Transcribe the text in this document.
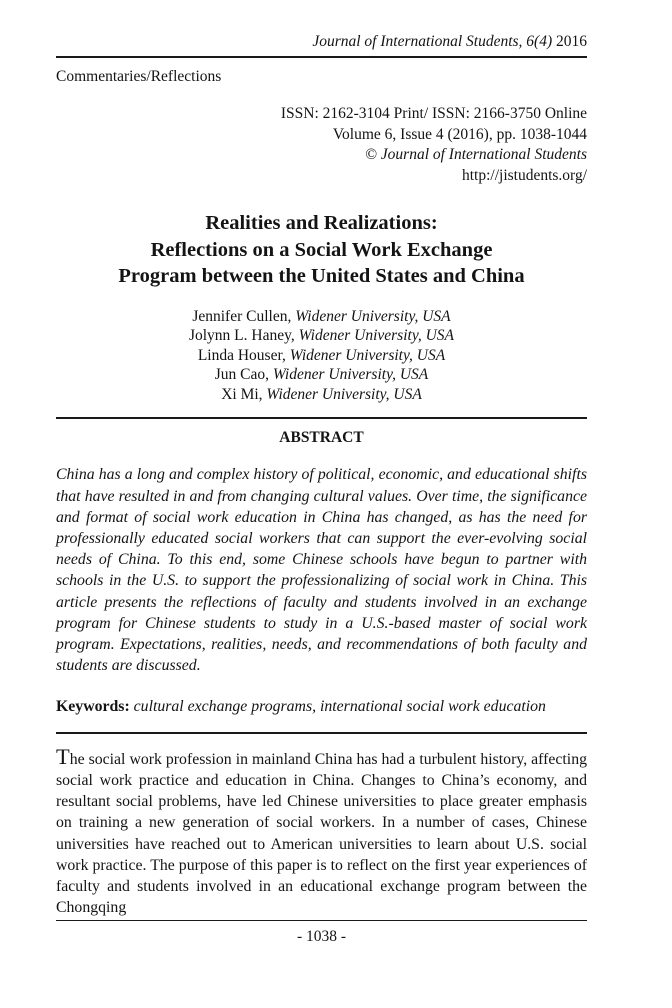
Journal of International Students, 6(4) 2016
Commentaries/Reflections
ISSN: 2162-3104 Print/ ISSN: 2166-3750 Online
Volume 6, Issue 4 (2016), pp. 1038-1044
© Journal of International Students
http://jistudents.org/
Realities and Realizations:
Reflections on a Social Work Exchange
Program between the United States and China
Jennifer Cullen, Widener University, USA
Jolynn L. Haney, Widener University, USA
Linda Houser, Widener University, USA
Jun Cao, Widener University, USA
Xi Mi, Widener University, USA
ABSTRACT
China has a long and complex history of political, economic, and educational shifts that have resulted in and from changing cultural values. Over time, the significance and format of social work education in China has changed, as has the need for professionally educated social workers that can support the ever-evolving social needs of China. To this end, some Chinese schools have begun to partner with schools in the U.S. to support the professionalizing of social work in China. This article presents the reflections of faculty and students involved in an exchange program for Chinese students to study in a U.S.-based master of social work program. Expectations, realities, needs, and recommendations of both faculty and students are discussed.
Keywords: cultural exchange programs, international social work education
The social work profession in mainland China has had a turbulent history, affecting social work practice and education in China. Changes to China’s economy, and resultant social problems, have led Chinese universities to place greater emphasis on training a new generation of social workers. In a number of cases, Chinese universities have reached out to American universities to learn about U.S. social work practice. The purpose of this paper is to reflect on the first year experiences of faculty and students involved in an educational exchange program between the Chongqing
- 1038 -
